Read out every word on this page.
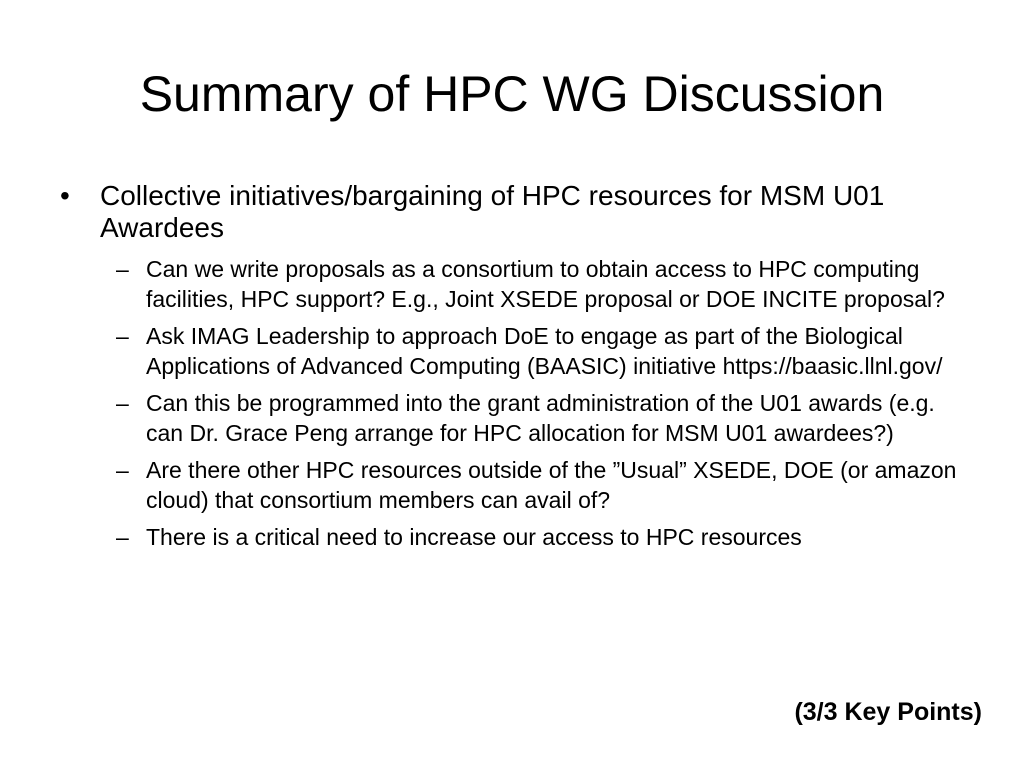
Summary of HPC WG Discussion
•	Collective initiatives/bargaining of HPC resources for MSM U01 Awardees
– Can we write proposals as a consortium to obtain access to HPC computing facilities, HPC support? E.g., Joint XSEDE proposal or DOE INCITE proposal?
– Ask IMAG Leadership to approach DoE to engage as part of the Biological Applications of Advanced Computing (BAASIC) initiative https://baasic.llnl.gov/
– Can this be programmed into the grant administration of the U01 awards (e.g. can Dr. Grace Peng arrange for HPC allocation for MSM U01 awardees?)
– Are there other HPC resources outside of the ”Usual” XSEDE, DOE (or amazon cloud) that consortium members can avail of?
– There is a critical need to increase our access to HPC resources
(3/3 Key Points)
